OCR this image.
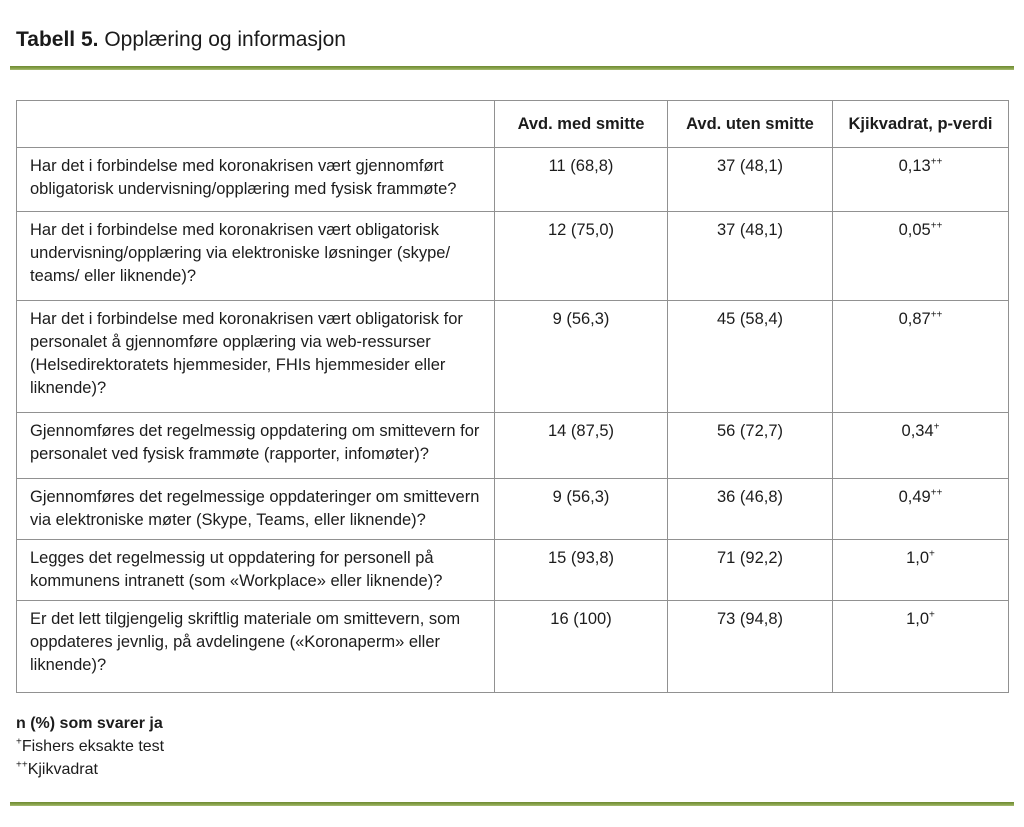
Tabell 5. Opplæring og informasjon
	Avd. med smitte	Avd. uten smitte	Kjikvadrat, p-verdi
Har det i forbindelse med koronakrisen vært gjennomført obligatorisk undervisning/opplæring med fysisk frammøte?	11 (68,8)	37 (48,1)	0,13++
Har det i forbindelse med koronakrisen vært obligatorisk undervisning/opplæring via elektroniske løsninger (skype/ teams/ eller liknende)?	12 (75,0)	37 (48,1)	0,05++
Har det i forbindelse med koronakrisen vært obligatorisk for personalet å gjennomføre opplæring via web-ressurser (Helsedirektoratets hjemmesider, FHIs hjemmesider eller liknende)?	9 (56,3)	45 (58,4)	0,87++
Gjennomføres det regelmessig oppdatering om smittevern for personalet ved fysisk frammøte (rapporter, infomøter)?	14 (87,5)	56 (72,7)	0,34+
Gjennomføres det regelmessige oppdateringer om smittevern via elektroniske møter (Skype, Teams, eller liknende)?	9 (56,3)	36 (46,8)	0,49++
Legges det regelmessig ut oppdatering for personell på kommunens intranett (som «Workplace» eller liknende)?	15 (93,8)	71 (92,2)	1,0+
Er det lett tilgjengelig skriftlig materiale om smittevern, som oppdateres jevnlig, på avdelingene («Koronaperm» eller liknende)?	16 (100)	73 (94,8)	1,0+
n (%) som svarer ja
+Fishers eksakte test
++Kjikvadrat
